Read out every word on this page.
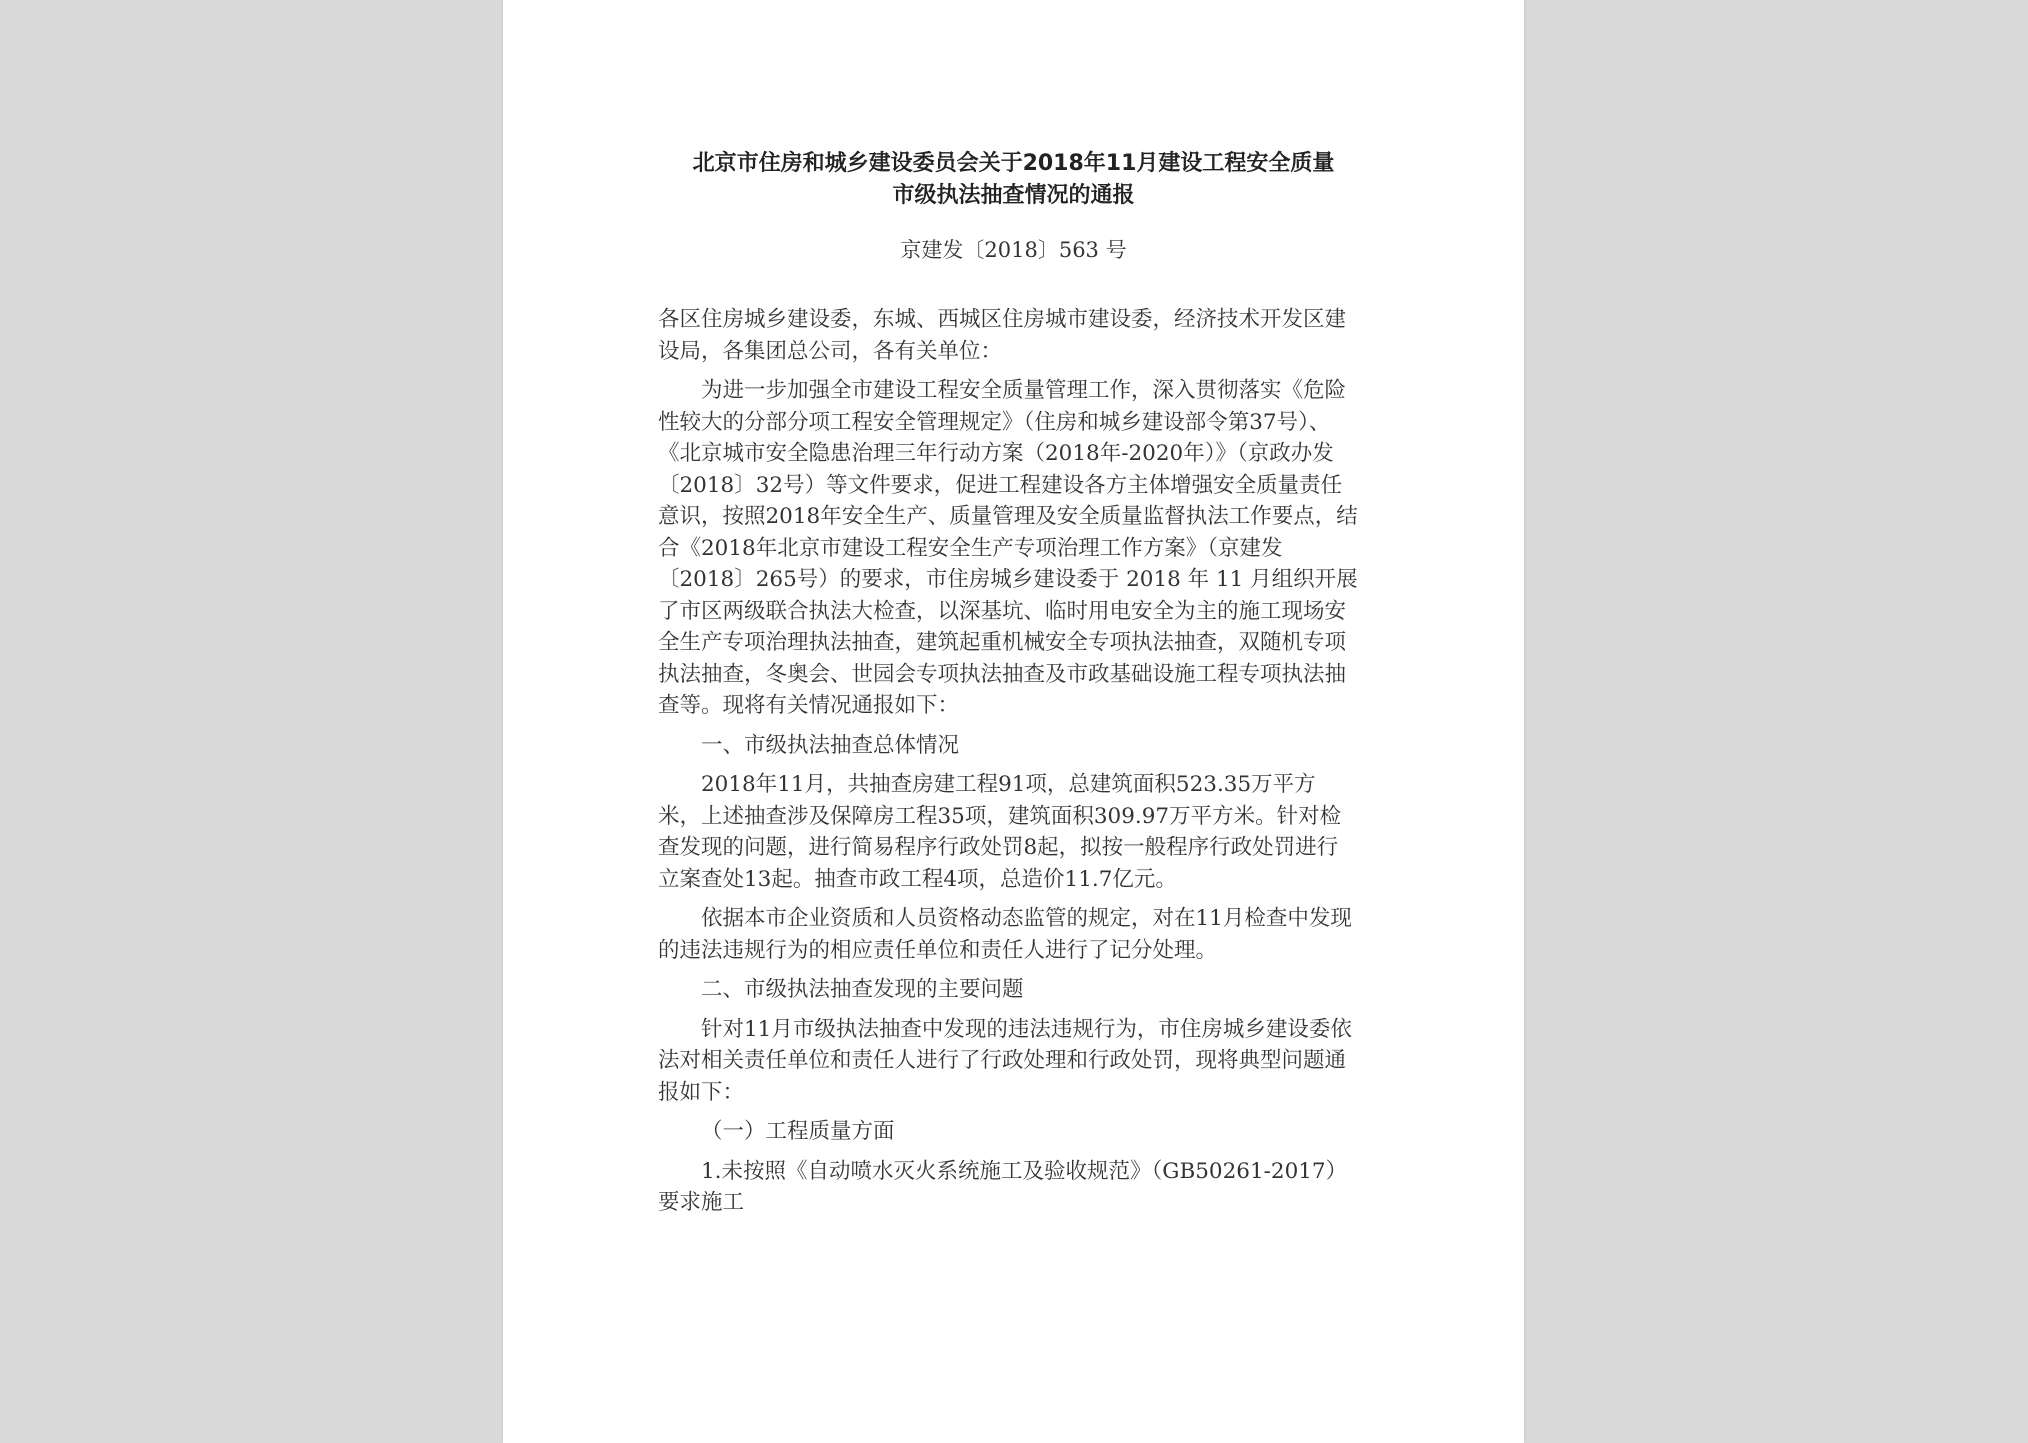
北京市住房和城乡建设委员会关于2018年11月建设工程安全质量
市级执法抽查情况的通报
京建发〔2018〕563 号

各区住房城乡建设委，东城、西城区住房城市建设委，经济技术开发区建设局，各集团总公司，各有关单位：

为进一步加强全市建设工程安全质量管理工作，深入贯彻落实《危险性较大的分部分项工程安全管理规定》（住房和城乡建设部令第37号）、《北京城市安全隐患治理三年行动方案（2018年-2020年）》（京政办发〔2018〕32号）等文件要求，促进工程建设各方主体增强安全质量责任意识，按照2018年安全生产、质量管理及安全质量监督执法工作要点，结合《2018年北京市建设工程安全生产专项治理工作方案》（京建发〔2018〕265号）的要求，市住房城乡建设委于 2018 年 11 月组织开展了市区两级联合执法大检查，以深基坑、临时用电安全为主的施工现场安全生产专项治理执法抽查，建筑起重机械安全专项执法抽查，双随机专项执法抽查，冬奥会、世园会专项执法抽查及市政基础设施工程专项执法抽查等。现将有关情况通报如下：

一、市级执法抽查总体情况

2018年11月，共抽查房建工程91项，总建筑面积523.35万平方米，上述抽查涉及保障房工程35项，建筑面积309.97万平方米。针对检查发现的问题，进行简易程序行政处罚8起，拟按一般程序行政处罚进行立案查处13起。抽查市政工程4项，总造价11.7亿元。

依据本市企业资质和人员资格动态监管的规定，对在11月检查中发现的违法违规行为的相应责任单位和责任人进行了记分处理。

二、市级执法抽查发现的主要问题

针对11月市级执法抽查中发现的违法违规行为，市住房城乡建设委依法对相关责任单位和责任人进行了行政处理和行政处罚，现将典型问题通报如下：

（一）工程质量方面

1.未按照《自动喷水灭火系统施工及验收规范》（GB50261-2017）要求施工
